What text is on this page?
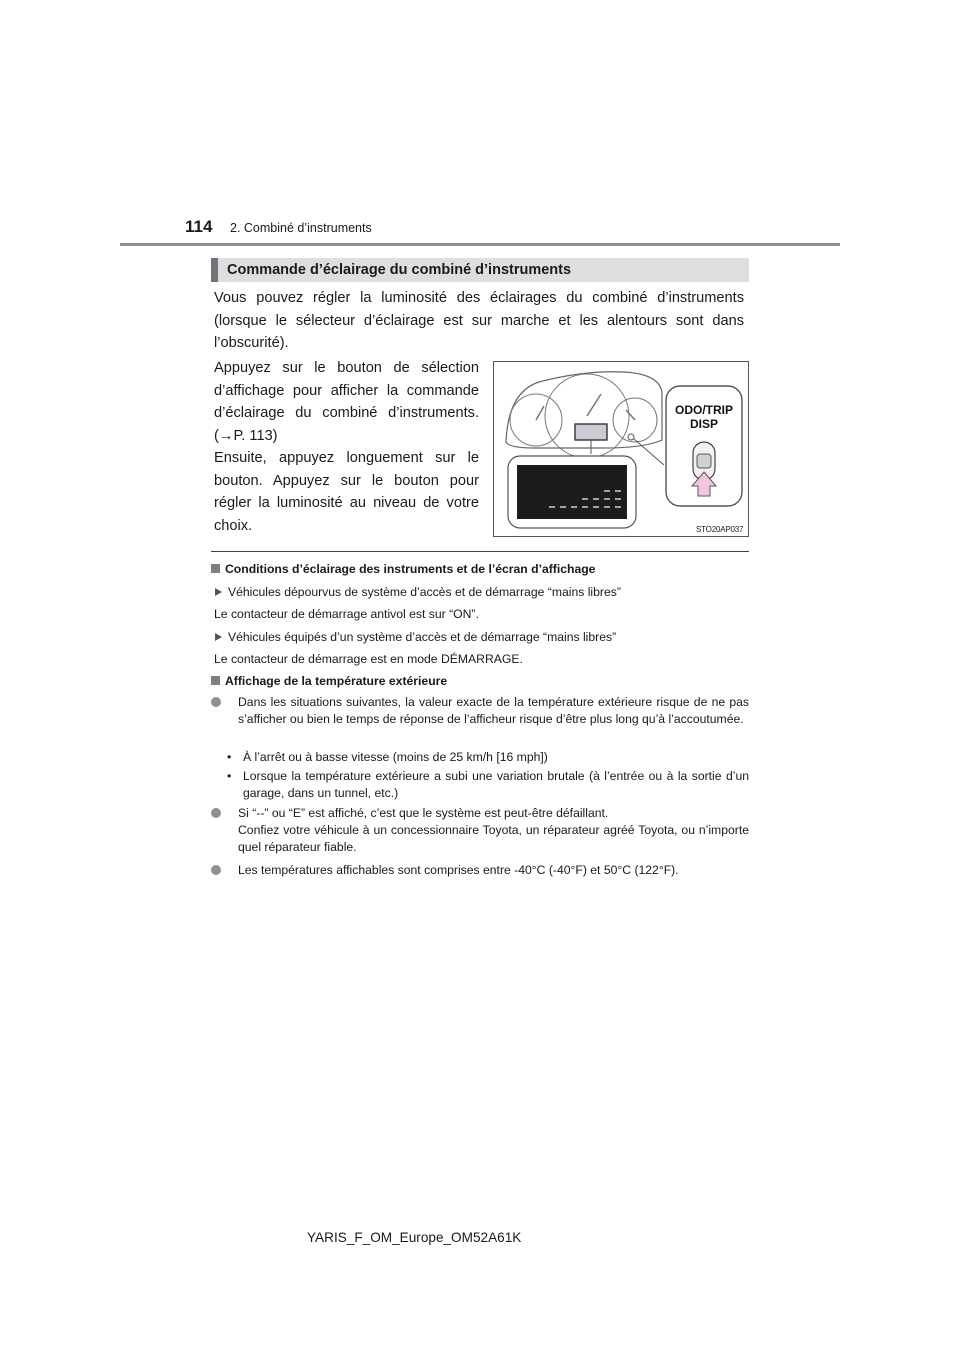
114 2. Combiné d’instruments
Commande d’éclairage du combiné d’instruments
Vous pouvez régler la luminosité des éclairages du combiné d’instruments (lorsque le sélecteur d’éclairage est sur marche et les alentours sont dans l’obscurité).
Appuyez sur le bouton de sélection d’affichage pour afficher la commande d’éclairage du combiné d’instruments. (→P. 113)
Ensuite, appuyez longuement sur le bouton. Appuyez sur le bouton pour régler la luminosité au niveau de votre choix.
ODO/TRIP
DISP
STO20AP037
Conditions d’éclairage des instruments et de l’écran d’affichage
Véhicules dépourvus de système d’accès et de démarrage “mains libres”
Le contacteur de démarrage antivol est sur “ON”.
Véhicules équipés d’un système d’accès et de démarrage “mains libres”
Le contacteur de démarrage est en mode DÉMARRAGE.
Affichage de la température extérieure
Dans les situations suivantes, la valeur exacte de la température extérieure risque de ne pas s’afficher ou bien le temps de réponse de l’afficheur risque d’être plus long qu’à l’accoutumée.
• À l’arrêt ou à basse vitesse (moins de 25 km/h [16 mph])
• Lorsque la température extérieure a subi une variation brutale (à l’entrée ou à la sortie d’un garage, dans un tunnel, etc.)
Si “--” ou “E” est affiché, c’est que le système est peut-être défaillant.
Confiez votre véhicule à un concessionnaire Toyota, un réparateur agréé Toyota, ou n’importe quel réparateur fiable.
Les températures affichables sont comprises entre -40°C (-40°F) et 50°C (122°F).
YARIS_F_OM_Europe_OM52A61K
